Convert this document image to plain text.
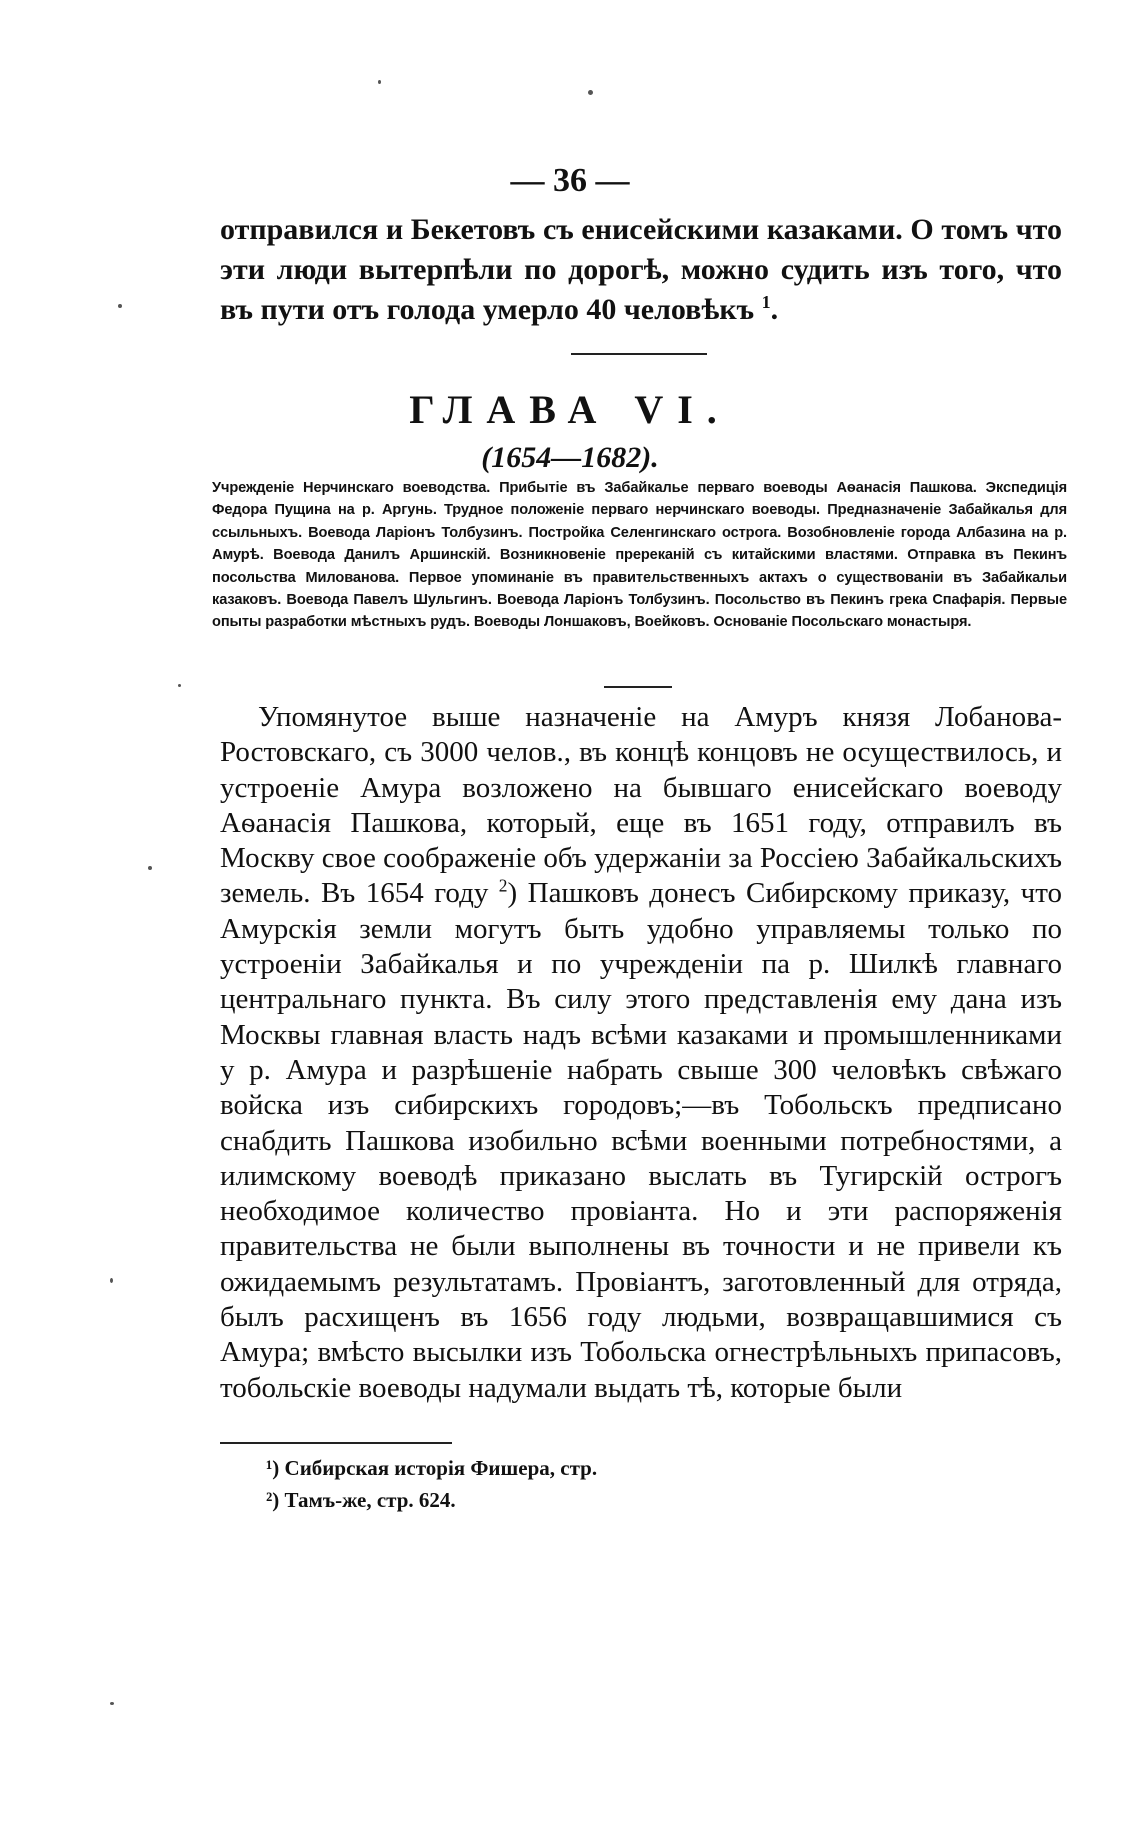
— 36 —

отправился и Бекетовъ съ енисейскими казаками. О томъ что эти люди вытерпѣли по дорогѣ, можно судить изъ того, что въ пути отъ голода умерло 40 человѣкъ $^1$.

ГЛАВА VI.
(1654—1682).

Учрежденіе Нерчинскаго воеводства. Прибытіе въ Забайкалье перваго воеводы Аѳанасія Пашкова. Экспедиція Федора Пущина на р. Аргунь. Трудное положеніе перваго нерчинскаго воеводы. Предназначеніе Забайкалья для ссыльныхъ. Воевода Ларіонъ Толбузинъ. Постройка Селенгинскаго острога. Возобновленіе города Албазина на р. Амурѣ. Воевода Данилъ Аршинскій. Возникновеніе пререканій съ китайскими властями. Отправка въ Пекинъ посольства Милованова. Первое упоминаніе въ правительственныхъ актахъ о существованіи въ Забайкальи казаковъ. Воевода Павелъ Шульгинъ. Воевода Ларіонъ Толбузинъ. Посольство въ Пекинъ грека Спафарія. Первые опыты разработки мѣстныхъ рудъ. Воеводы Лоншаковъ, Воейковъ. Основаніе Посольскаго монастыря.

Упомянутое выше назначеніе на Амуръ князя Лобанова-Ростовскаго, съ 3000 челов., въ концѣ концовъ не осуществилось, и устроеніе Амура возложено на бывшаго енисейскаго воеводу Аѳанасія Пашкова, который, еще въ 1651 году, отправилъ въ Москву свое соображеніе объ удержаніи за Россіею Забайкальскихъ земель. Въ 1654 году $^2$) Пашковъ донесъ Сибирскому приказу, что Амурскія земли могутъ быть удобно управляемы только по устроеніи Забайкалья и по учрежденіи па р. Шилкѣ главнаго центральнаго пункта. Въ силу этого представленія ему дана изъ Москвы главная власть надъ всѣми казаками и промышленниками у р. Амура и разрѣшеніе набрать свыше 300 человѣкъ свѣжаго войска изъ сибирскихъ городовъ;—въ Тобольскъ предписано снабдить Пашкова изобильно всѣми военными потребностями, а илимскому воеводѣ приказано выслать въ Тугирскій острогъ необходимое количество провіанта. Но и эти распоряженія правительства не были выполнены въ точности и не привели къ ожидаемымъ результатамъ. Провіантъ, заготовленный для отряда, былъ расхищенъ въ 1656 году людьми, возвращавшимися съ Амура; вмѣсто высылки изъ Тобольска огнестрѣльныхъ припасовъ, тобольскіе воеводы надумали выдать тѣ, которые были

¹) Сибирская исторія Фишера, стр.

²) Тамъ-же, стр. 624.
